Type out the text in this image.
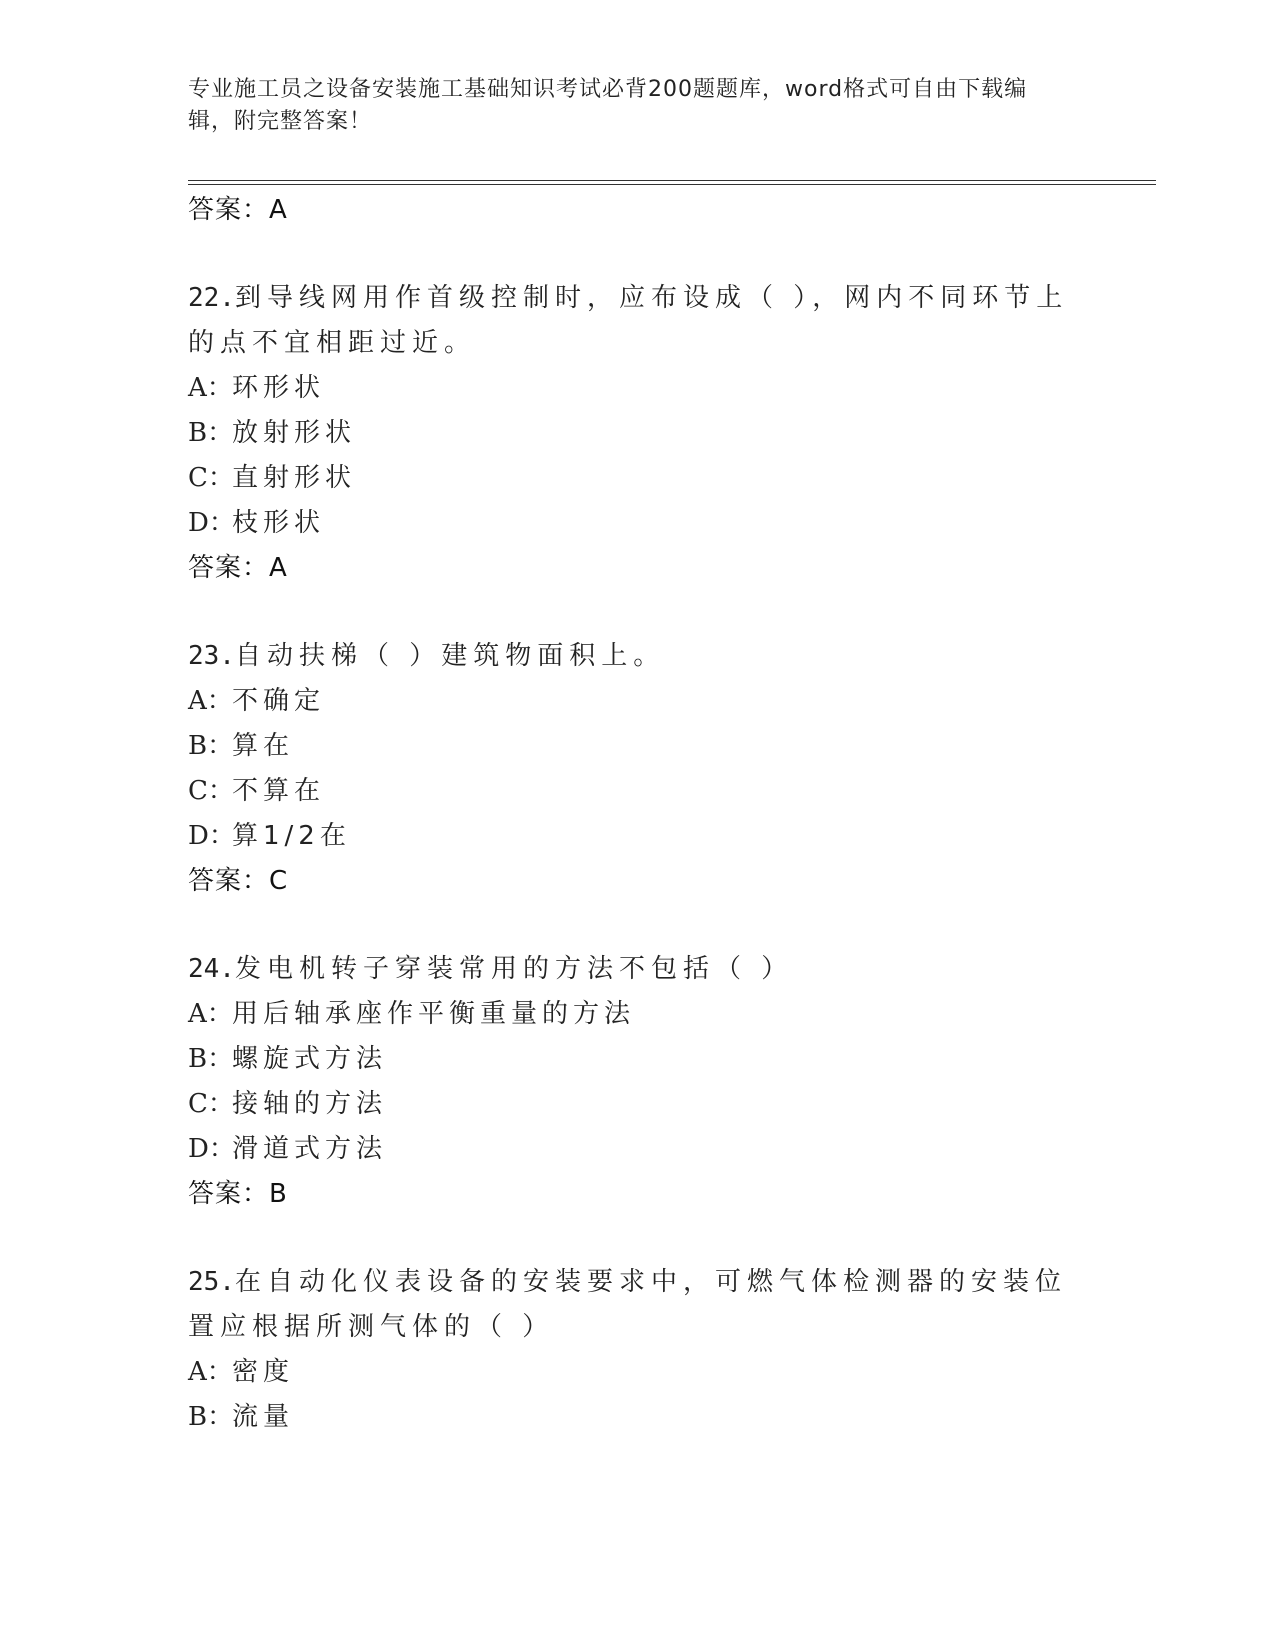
专业施工员之设备安装施工基础知识考试必背200题题库，word格式可自由下载编辑，附完整答案！
答案：A
22.到导线网用作首级控制时，应布设成（ ），网内不同环节上的点不宜相距过近。
A：环形状
B：放射形状
C：直射形状
D：枝形状
答案：A
23.自动扶梯（ ）建筑物面积上。
A：不确定
B：算在
C：不算在
D：算1/2在
答案：C
24.发电机转子穿装常用的方法不包括（ ）
A：用后轴承座作平衡重量的方法
B：螺旋式方法
C：接轴的方法
D：滑道式方法
答案：B
25.在自动化仪表设备的安装要求中，可燃气体检测器的安装位置应根据所测气体的（ ）
A：密度
B：流量
